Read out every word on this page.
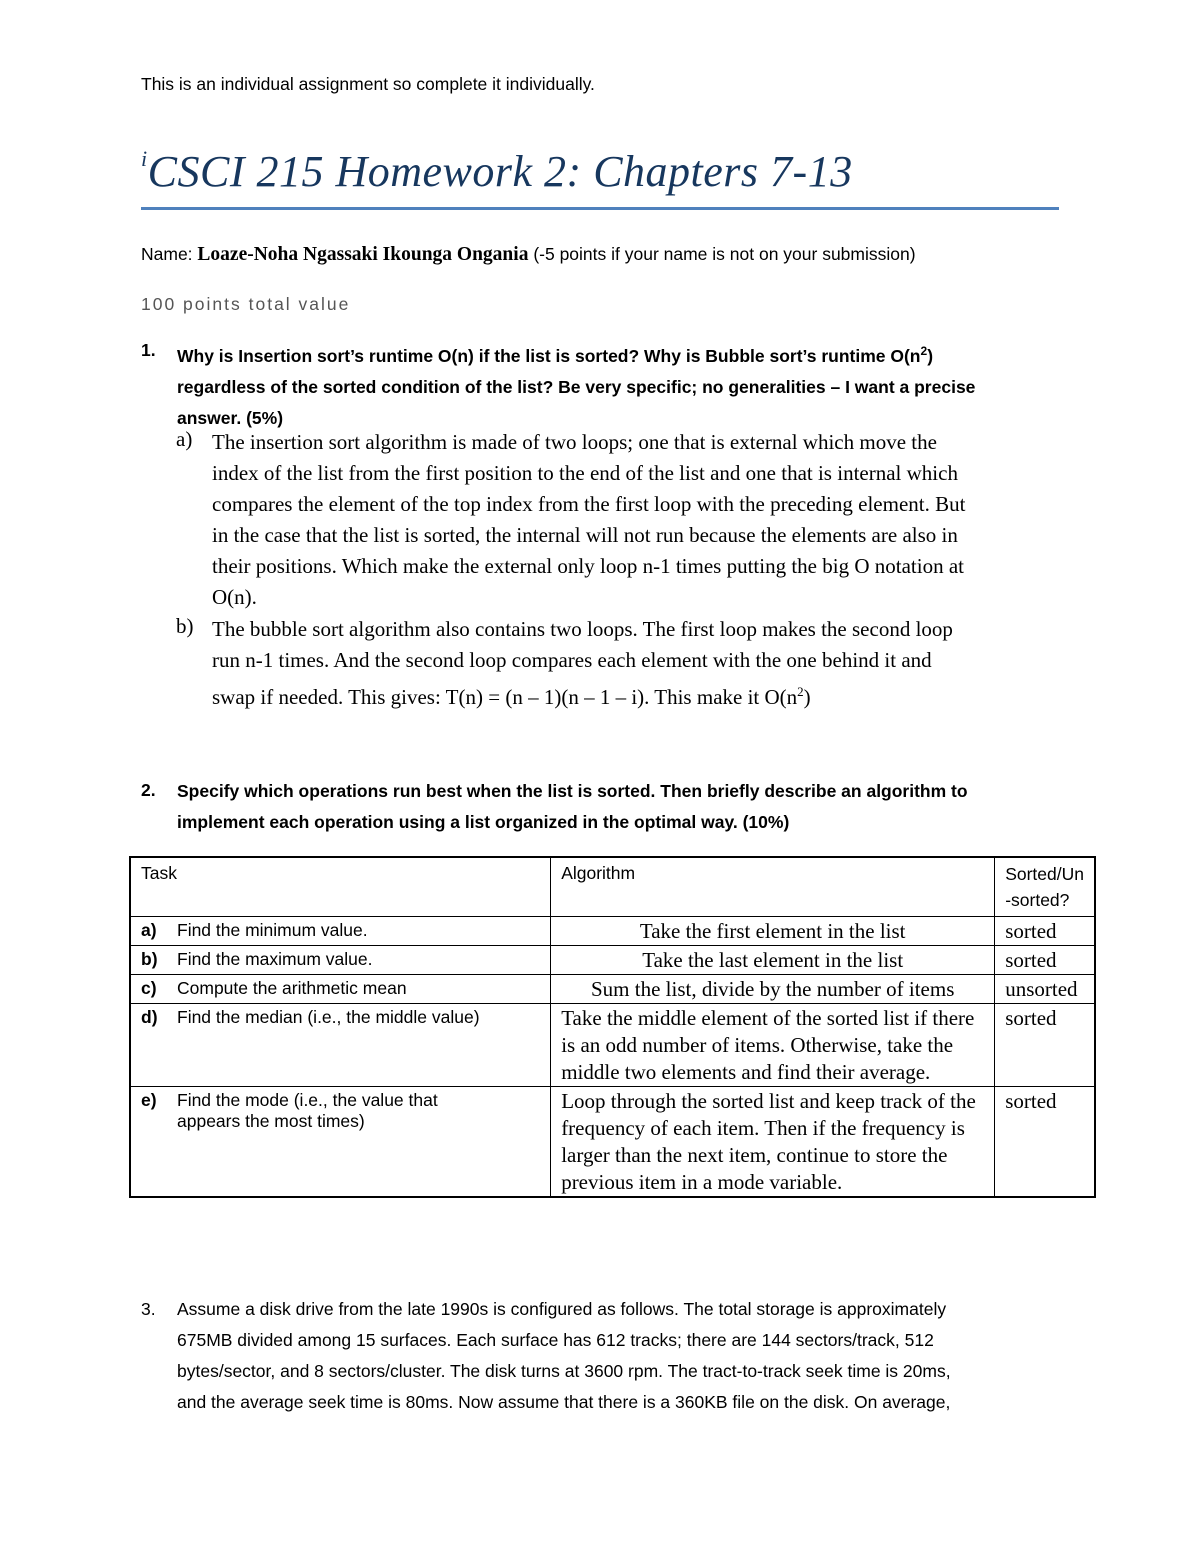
This is an individual assignment so complete it individually.
$^i$CSCI 215 Homework 2: Chapters 7-13
Name: Loaze-Noha Ngassaki Ikounga Ongania (-5 points if your name is not on your submission)
100 points total value
1. Why is Insertion sort’s runtime O(n) if the list is sorted? Why is Bubble sort’s runtime $O(n^2)$
regardless of the sorted condition of the list? Be very specific; no generalities – I want a precise
answer. (5%)
a) The insertion sort algorithm is made of two loops; one that is external which move the
index of the list from the first position to the end of the list and one that is internal which
compares the element of the top index from the first loop with the preceding element. But
in the case that the list is sorted, the internal will not run because the elements are also in
their positions. Which make the external only loop n-1 times putting the big O notation at
O(n).
b) The bubble sort algorithm also contains two loops. The first loop makes the second loop
run n-1 times. And the second loop compares each element with the one behind it and
swap if needed. This gives: T(n) = (n – 1)(n – 1 – i). This make it $O(n^2)$
2. Specify which operations run best when the list is sorted. Then briefly describe an algorithm to
implement each operation using a list organized in the optimal way. (10%)
Task	Algorithm	Sorted/Un
-sorted?

a) Find the minimum value.	Take the first element in the list	sorted

b) Find the maximum value.	Take the last element in the list	sorted

c) Compute the arithmetic mean	Sum the list, divide by the number of items	unsorted

d) Find the median (i.e., the middle value)	Take the middle element of the sorted list if there is an odd number of items. Otherwise, take the middle two elements and find their average.	sorted

e) Find the mode (i.e., the value that appears the most times)	Loop through the sorted list and keep track of the frequency of each item. Then if the frequency is larger than the next item, continue to store the previous item in a mode variable.	sorted
3. Assume a disk drive from the late 1990s is configured as follows. The total storage is approximately
675MB divided among 15 surfaces. Each surface has 612 tracks; there are 144 sectors/track, 512
bytes/sector, and 8 sectors/cluster. The disk turns at 3600 rpm. The tract-to-track seek time is 20ms,
and the average seek time is 80ms. Now assume that there is a 360KB file on the disk. On average,
